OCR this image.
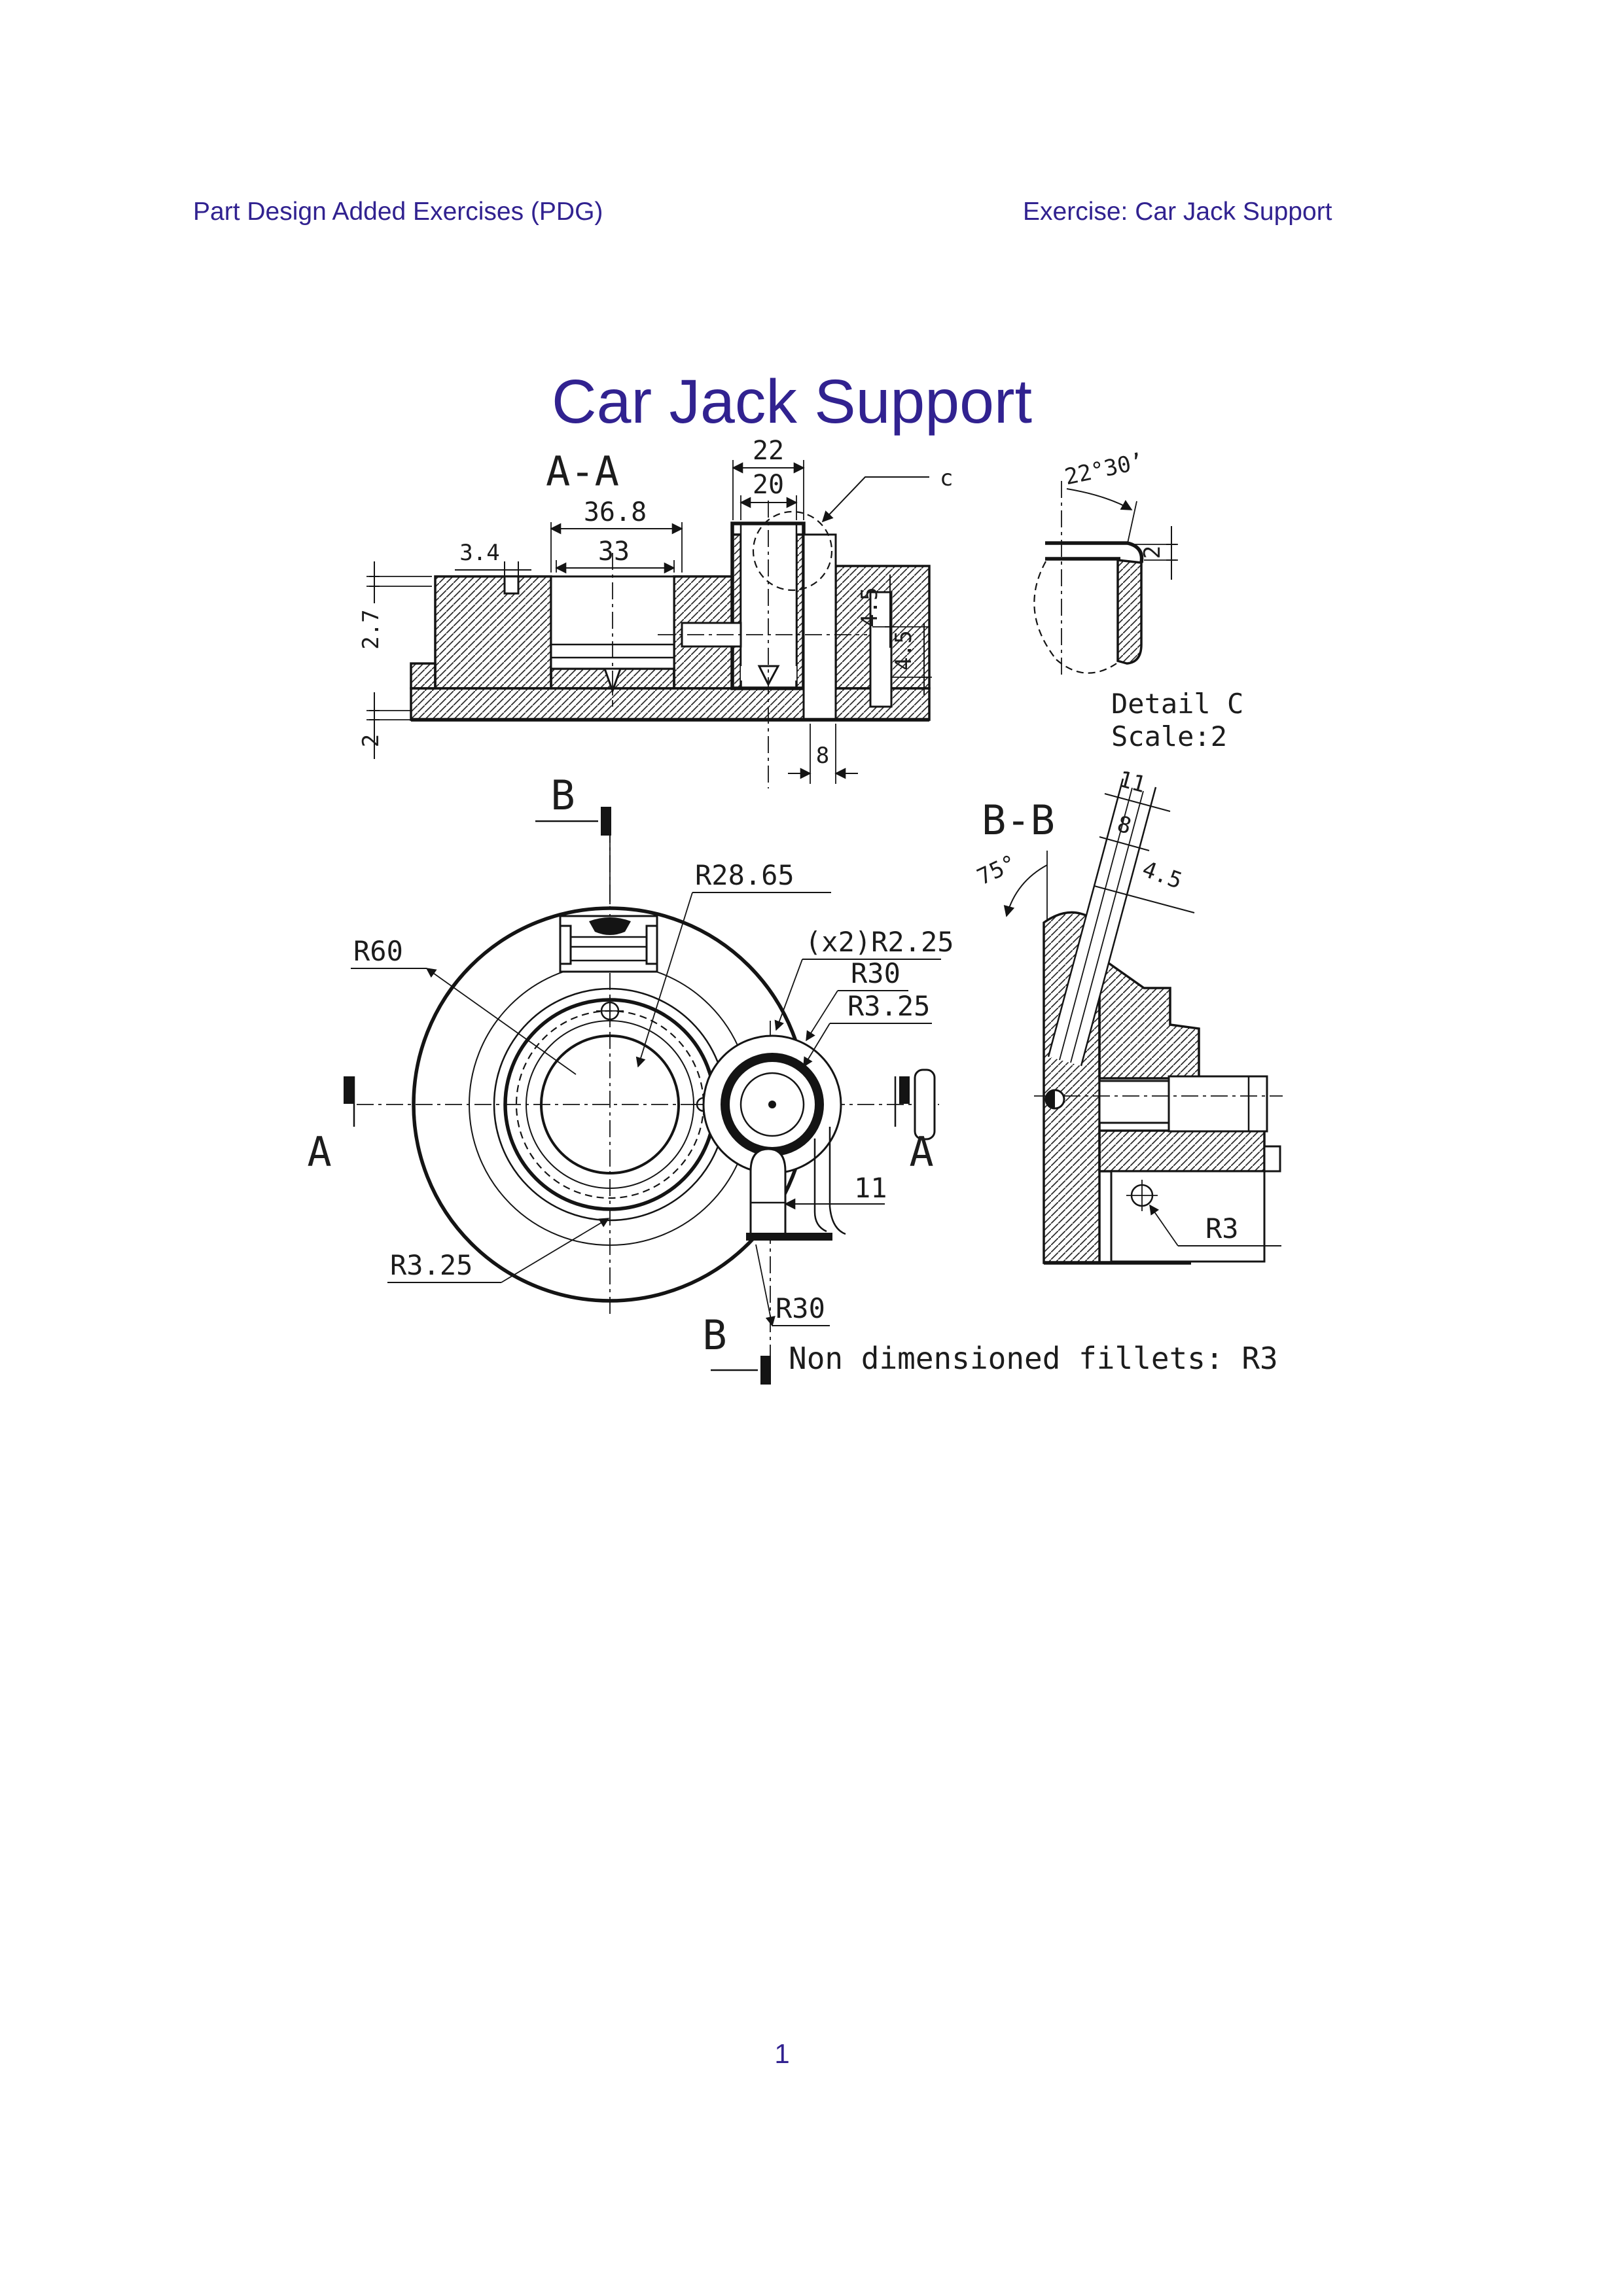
Part Design Added Exercises (PDG)	Exercise: Car Jack Support
Car Jack Support
A-A	22
20
36.8
33
3.4
2.7
2
4.5
4.5
8
c	22°30’
2
Detail C
Scale:2
B
B
A	A
R28.65
R60	(x2)R2.25
R30
R3.25
11
R3.25
R30
B-B
11
8
4.5
75°
R3
Non dimensioned fillets: R3
1
